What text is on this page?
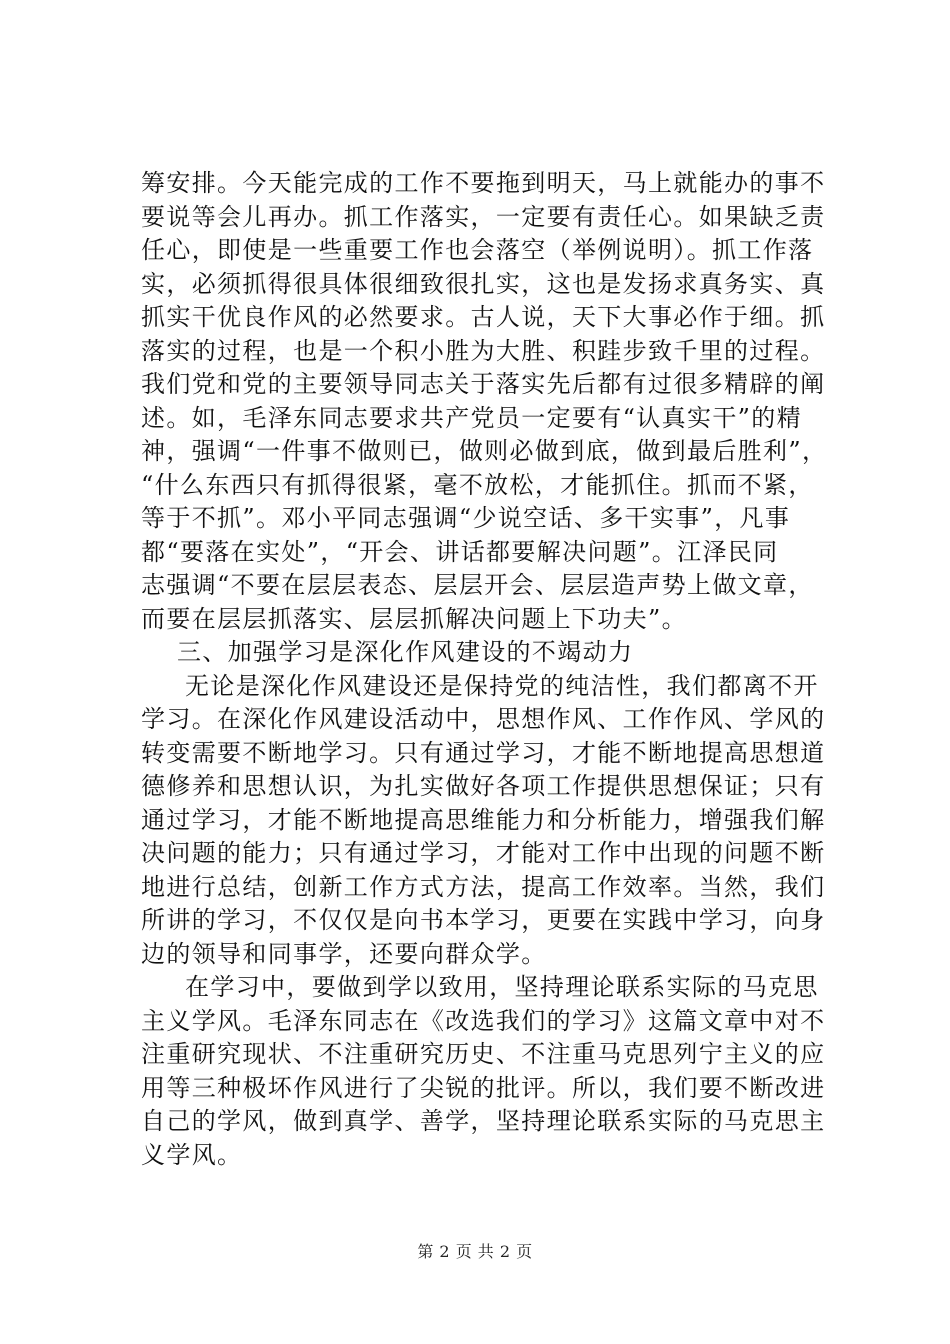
筹安排。今天能完成的工作不要拖到明天，马上就能办的事不
要说等会儿再办。抓工作落实，一定要有责任心。如果缺乏责
任心，即使是一些重要工作也会落空（举例说明）。抓工作落
实，必须抓得很具体很细致很扎实，这也是发扬求真务实、真
抓实干优良作风的必然要求。古人说，天下大事必作于细。抓
落实的过程，也是一个积小胜为大胜、积跬步致千里的过程。
我们党和党的主要领导同志关于落实先后都有过很多精辟的阐
述。如，毛泽东同志要求共产党员一定要有“认真实干”的精
神，强调“一件事不做则已，做则必做到底，做到最后胜利”，
“什么东西只有抓得很紧，毫不放松，才能抓住。抓而不紧，
等于不抓”。邓小平同志强调“少说空话、多干实事”，凡事
都“要落在实处”，“开会、讲话都要解决问题”。江泽民同
志强调“不要在层层表态、层层开会、层层造声势上做文章，
而要在层层抓落实、层层抓解决问题上下功夫”。
三、加强学习是深化作风建设的不竭动力
无论是深化作风建设还是保持党的纯洁性，我们都离不开
学习。在深化作风建设活动中，思想作风、工作作风、学风的
转变需要不断地学习。只有通过学习，才能不断地提高思想道
德修养和思想认识，为扎实做好各项工作提供思想保证；只有
通过学习，才能不断地提高思维能力和分析能力，增强我们解
决问题的能力；只有通过学习，才能对工作中出现的问题不断
地进行总结，创新工作方式方法，提高工作效率。当然，我们
所讲的学习，不仅仅是向书本学习，更要在实践中学习，向身
边的领导和同事学，还要向群众学。
在学习中，要做到学以致用，坚持理论联系实际的马克思
主义学风。毛泽东同志在《改选我们的学习》这篇文章中对不
注重研究现状、不注重研究历史、不注重马克思列宁主义的应
用等三种极坏作风进行了尖锐的批评。所以，我们要不断改进
自己的学风，做到真学、善学，坚持理论联系实际的马克思主
义学风。
第 2 页 共 2 页
